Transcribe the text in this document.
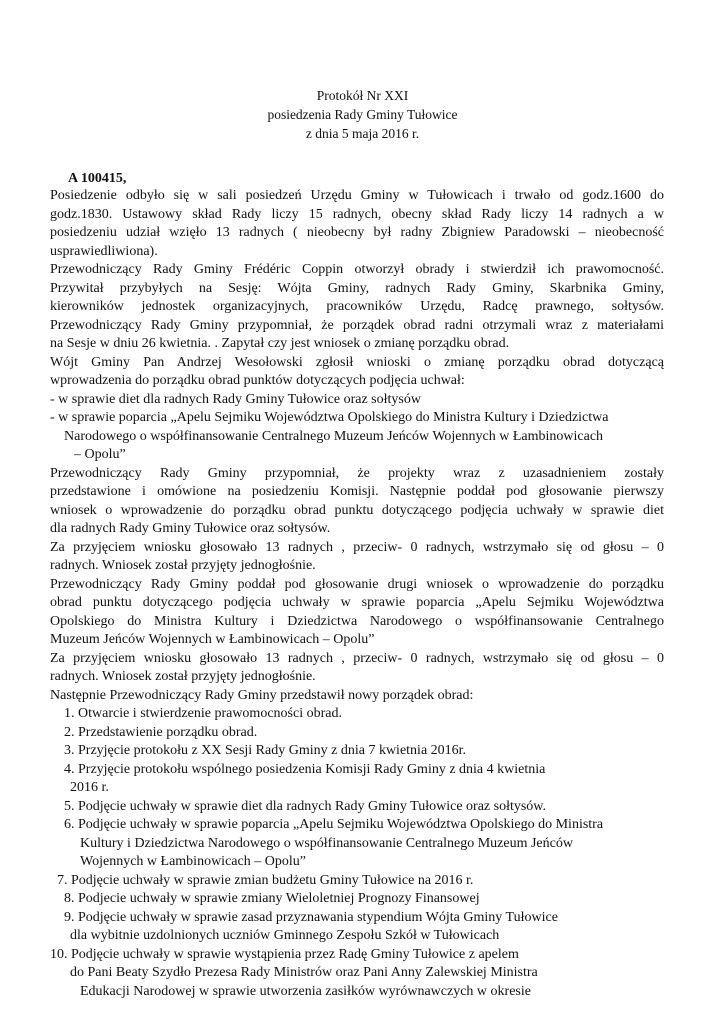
Protokół Nr XXI
posiedzenia Rady Gminy Tułowice
z dnia 5 maja 2016 r.
A 100415,
Posiedzenie odbyło się w sali posiedzeń Urzędu Gminy w Tułowicach i trwało od godz.1600 do
godz.1830. Ustawowy skład Rady liczy 15 radnych, obecny skład Rady liczy 14 radnych a w
posiedzeniu udział wzięło 13 radnych ( nieobecny był radny Zbigniew Paradowski – nieobecność
usprawiedliwiona).
Przewodniczący Rady Gminy Frédéric Coppin otworzył obrady i stwierdził ich prawomocność.
Przywitał przybyłych na Sesję: Wójta Gminy, radnych Rady Gminy, Skarbnika Gminy,
kierowników jednostek organizacyjnych, pracowników Urzędu, Radcę prawnego, sołtysów.
Przewodniczący Rady Gminy przypomniał, że porządek obrad radni otrzymali wraz z materiałami
na Sesje w dniu 26 kwietnia. . Zapytał czy jest wniosek o zmianę porządku obrad.
Wójt Gminy Pan Andrzej Wesołowski zgłosił wnioski o zmianę porządku obrad dotyczącą
wprowadzenia do porządku obrad punktów dotyczących podjęcia uchwał:
- w sprawie diet dla radnych Rady Gminy Tułowice oraz sołtysów
- w sprawie poparcia „Apelu Sejmiku Województwa Opolskiego do Ministra Kultury i Dziedzictwa
Narodowego o współfinansowanie Centralnego Muzeum Jeńców Wojennych w Łambinowicach
– Opolu”
Przewodniczący Rady Gminy przypomniał, że projekty wraz z uzasadnieniem zostały
przedstawione i omówione na posiedzeniu Komisji. Następnie poddał pod głosowanie pierwszy
wniosek o wprowadzenie do porządku obrad punktu dotyczącego podjęcia uchwały w sprawie diet
dla radnych Rady Gminy Tułowice oraz sołtysów.
Za przyjęciem wniosku głosowało 13 radnych , przeciw- 0 radnych, wstrzymało się od głosu – 0
radnych. Wniosek został przyjęty jednogłośnie.
Przewodniczący Rady Gminy poddał pod głosowanie drugi wniosek o wprowadzenie do porządku
obrad punktu dotyczącego podjęcia uchwały w sprawie poparcia „Apelu Sejmiku Województwa
Opolskiego do Ministra Kultury i Dziedzictwa Narodowego o współfinansowanie Centralnego
Muzeum Jeńców Wojennych w Łambinowicach – Opolu”
Za przyjęciem wniosku głosowało 13 radnych , przeciw- 0 radnych, wstrzymało się od głosu – 0
radnych. Wniosek został przyjęty jednogłośnie.
Następnie Przewodniczący Rady Gminy przedstawił nowy porządek obrad:
1. Otwarcie i stwierdzenie prawomocności obrad.
2. Przedstawienie porządku obrad.
3. Przyjęcie protokołu z XX Sesji Rady Gminy z dnia 7 kwietnia 2016r.
4. Przyjęcie protokołu wspólnego posiedzenia Komisji Rady Gminy z dnia 4 kwietnia
2016 r.
5. Podjęcie uchwały w sprawie diet dla radnych Rady Gminy Tułowice oraz sołtysów.
6. Podjęcie uchwały w sprawie poparcia „Apelu Sejmiku Województwa Opolskiego do Ministra
Kultury i Dziedzictwa Narodowego o współfinansowanie Centralnego Muzeum Jeńców
Wojennych w Łambinowicach – Opolu”
7. Podjęcie uchwały w sprawie zmian budżetu Gminy Tułowice na 2016 r.
8. Podjecie uchwały w sprawie zmiany Wieloletniej Prognozy Finansowej
9. Podjęcie uchwały w sprawie zasad przyznawania stypendium Wójta Gminy Tułowice
dla wybitnie uzdolnionych uczniów Gminnego Zespołu Szkół w Tułowicach
10. Podjęcie uchwały w sprawie wystąpienia przez Radę Gminy Tułowice z apelem
do Pani Beaty Szydło Prezesa Rady Ministrów oraz Pani Anny Zalewskiej Ministra
Edukacji Narodowej w sprawie utworzenia zasiłków wyrównawczych w okresie
